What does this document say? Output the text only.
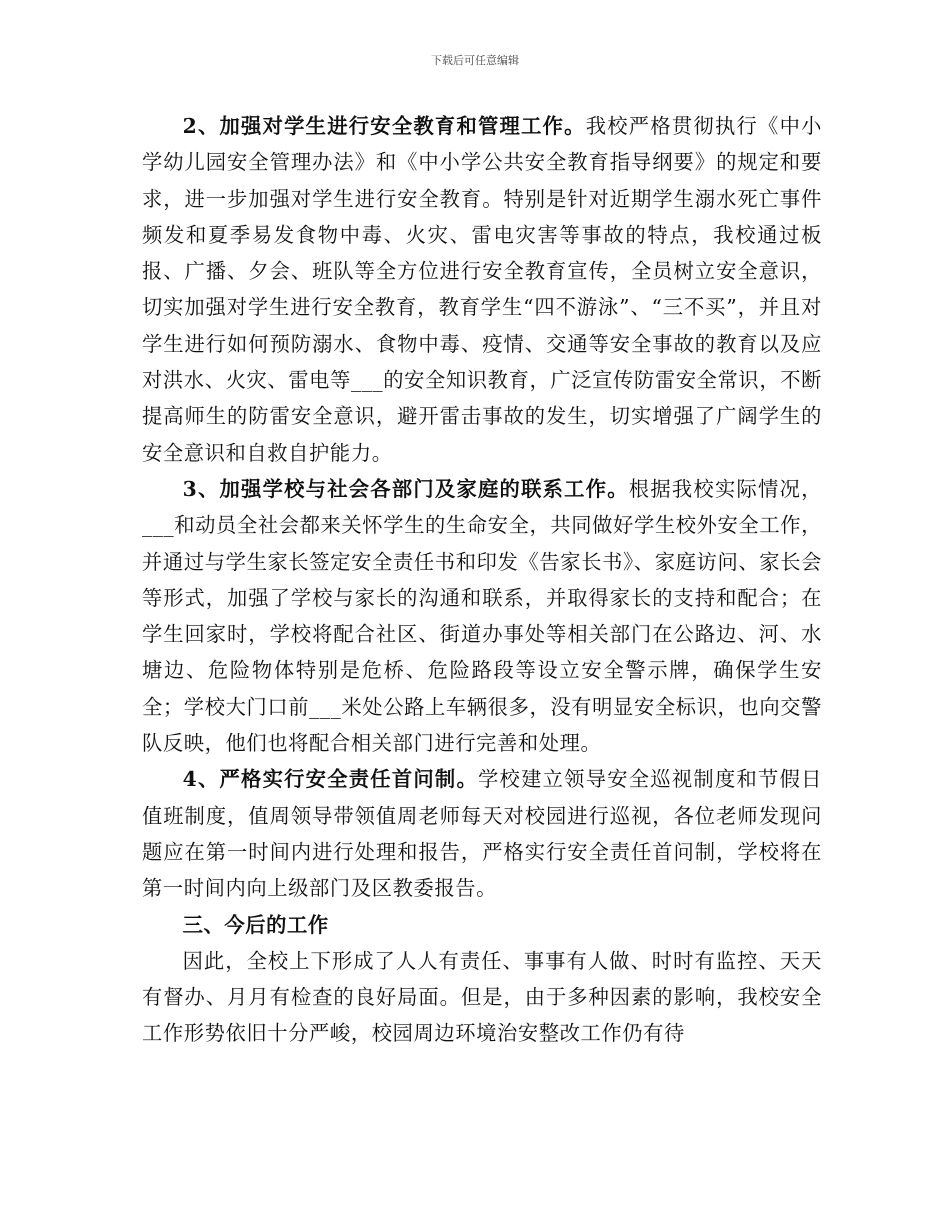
下载后可任意编辑

2、加强对学生进行安全教育和管理工作。我校严格贯彻执行《中小学幼儿园安全管理办法》和《中小学公共安全教育指导纲要》的规定和要求，进一步加强对学生进行安全教育。特别是针对近期学生溺水死亡事件频发和夏季易发食物中毒、火灾、雷电灾害等事故的特点，我校通过板报、广播、夕会、班队等全方位进行安全教育宣传，全员树立安全意识，切实加强对学生进行安全教育，教育学生“四不游泳”、“三不买”，并且对学生进行如何预防溺水、食物中毒、疫情、交通等安全事故的教育以及应对洪水、火灾、雷电等___的安全知识教育，广泛宣传防雷安全常识，不断提高师生的防雷安全意识，避开雷击事故的发生，切实增强了广阔学生的安全意识和自救自护能力。

3、加强学校与社会各部门及家庭的联系工作。根据我校实际情况，___和动员全社会都来关怀学生的生命安全，共同做好学生校外安全工作，并通过与学生家长签定安全责任书和印发《告家长书》、家庭访问、家长会等形式，加强了学校与家长的沟通和联系，并取得家长的支持和配合；在学生回家时，学校将配合社区、街道办事处等相关部门在公路边、河、水塘边、危险物体特别是危桥、危险路段等设立安全警示牌，确保学生安全；学校大门口前___米处公路上车辆很多，没有明显安全标识，也向交警队反映，他们也将配合相关部门进行完善和处理。

4、严格实行安全责任首问制。学校建立领导安全巡视制度和节假日值班制度，值周领导带领值周老师每天对校园进行巡视，各位老师发现问题应在第一时间内进行处理和报告，严格实行安全责任首问制，学校将在第一时间内向上级部门及区教委报告。

三、今后的工作

因此，全校上下形成了人人有责任、事事有人做、时时有监控、天天有督办、月月有检查的良好局面。但是，由于多种因素的影响，我校安全工作形势依旧十分严峻，校园周边环境治安整改工作仍有待
